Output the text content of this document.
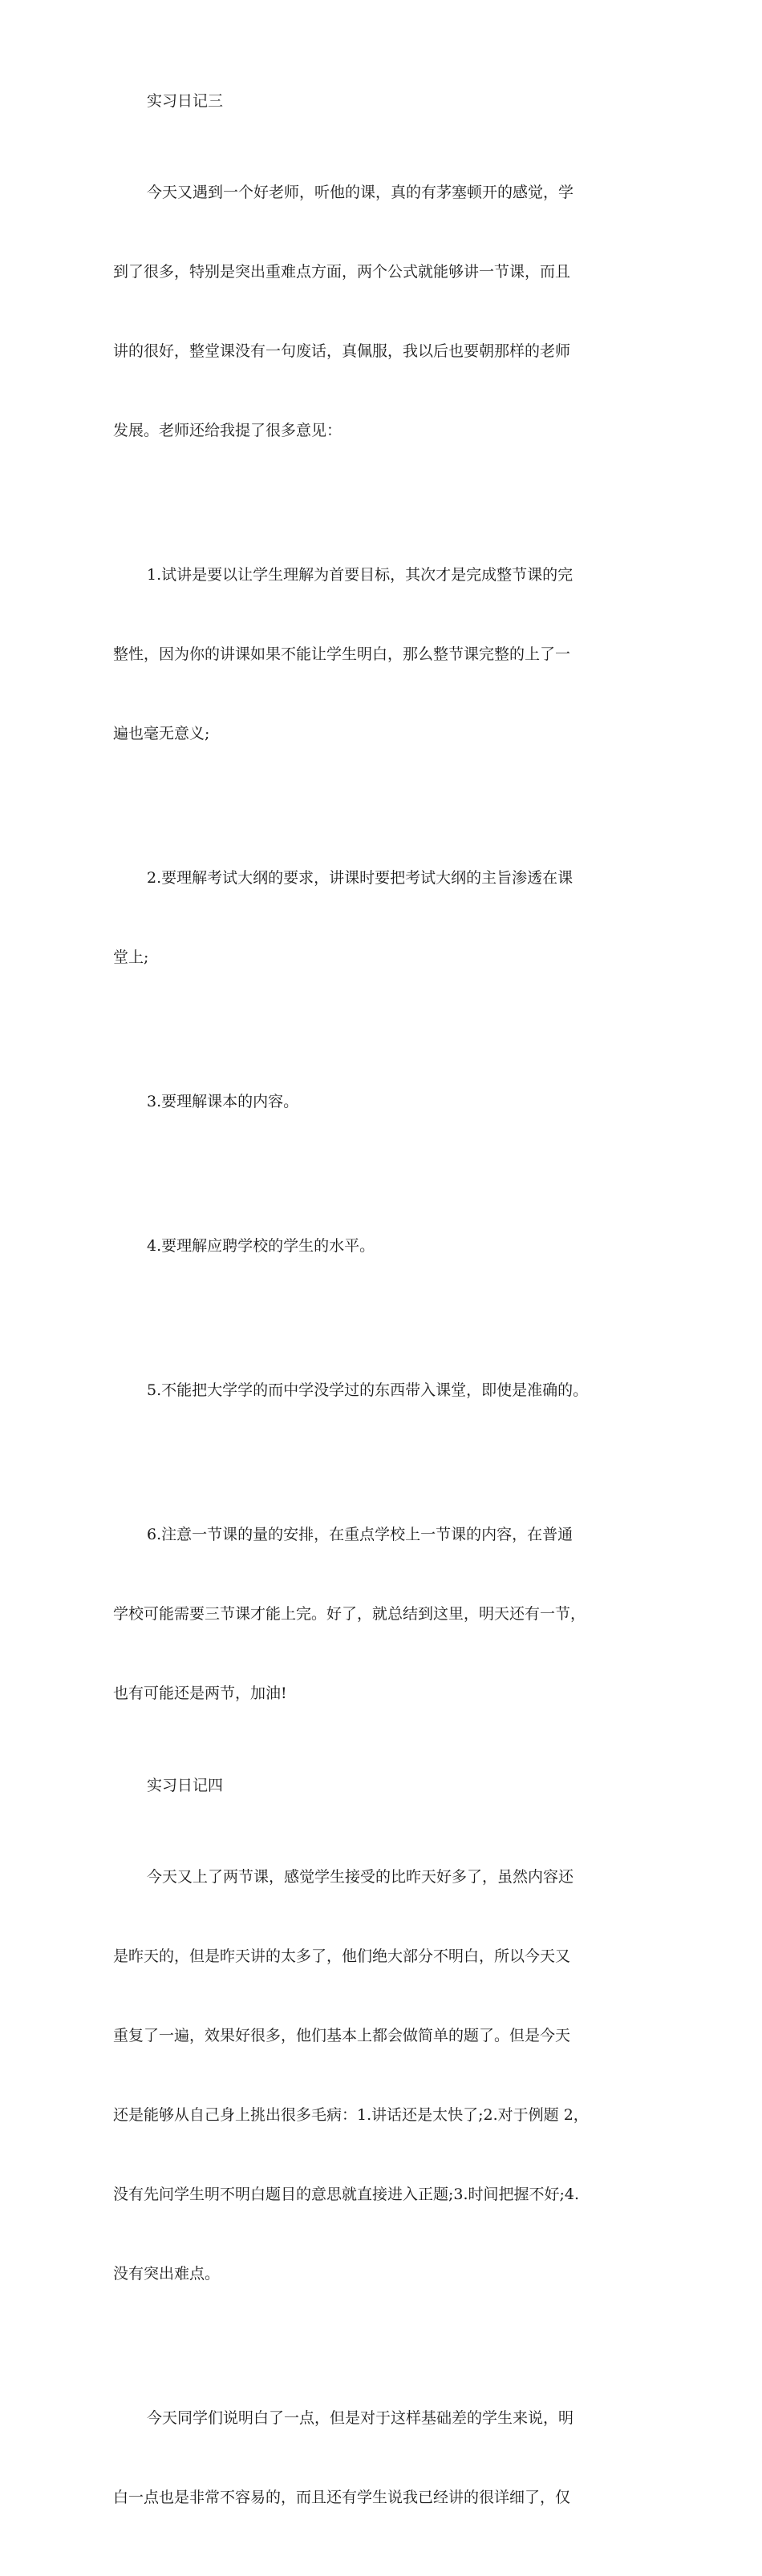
实习日记三

今天又遇到一个好老师，听他的课，真的有茅塞顿开的感觉，学

到了很多，特别是突出重难点方面，两个公式就能够讲一节课，而且

讲的很好，整堂课没有一句废话，真佩服，我以后也要朝那样的老师

发展。老师还给我提了很多意见：

1.试讲是要以让学生理解为首要目标，其次才是完成整节课的完

整性，因为你的讲课如果不能让学生明白，那么整节课完整的上了一

遍也毫无意义;

2.要理解考试大纲的要求，讲课时要把考试大纲的主旨渗透在课

堂上;

3.要理解课本的内容。

4.要理解应聘学校的学生的水平。

5.不能把大学学的而中学没学过的东西带入课堂，即使是准确的。

6.注意一节课的量的安排，在重点学校上一节课的内容，在普通

学校可能需要三节课才能上完。好了，就总结到这里，明天还有一节，

也有可能还是两节，加油!

实习日记四

今天又上了两节课，感觉学生接受的比昨天好多了，虽然内容还

是昨天的，但是昨天讲的太多了，他们绝大部分不明白，所以今天又

重复了一遍，效果好很多，他们基本上都会做简单的题了。但是今天

还是能够从自己身上挑出很多毛病：1.讲话还是太快了;2.对于例题 2，

没有先问学生明不明白题目的意思就直接进入正题;3.时间把握不好;4.

没有突出难点。

今天同学们说明白了一点，但是对于这样基础差的学生来说，明

白一点也是非常不容易的，而且还有学生说我已经讲的很详细了，仅
